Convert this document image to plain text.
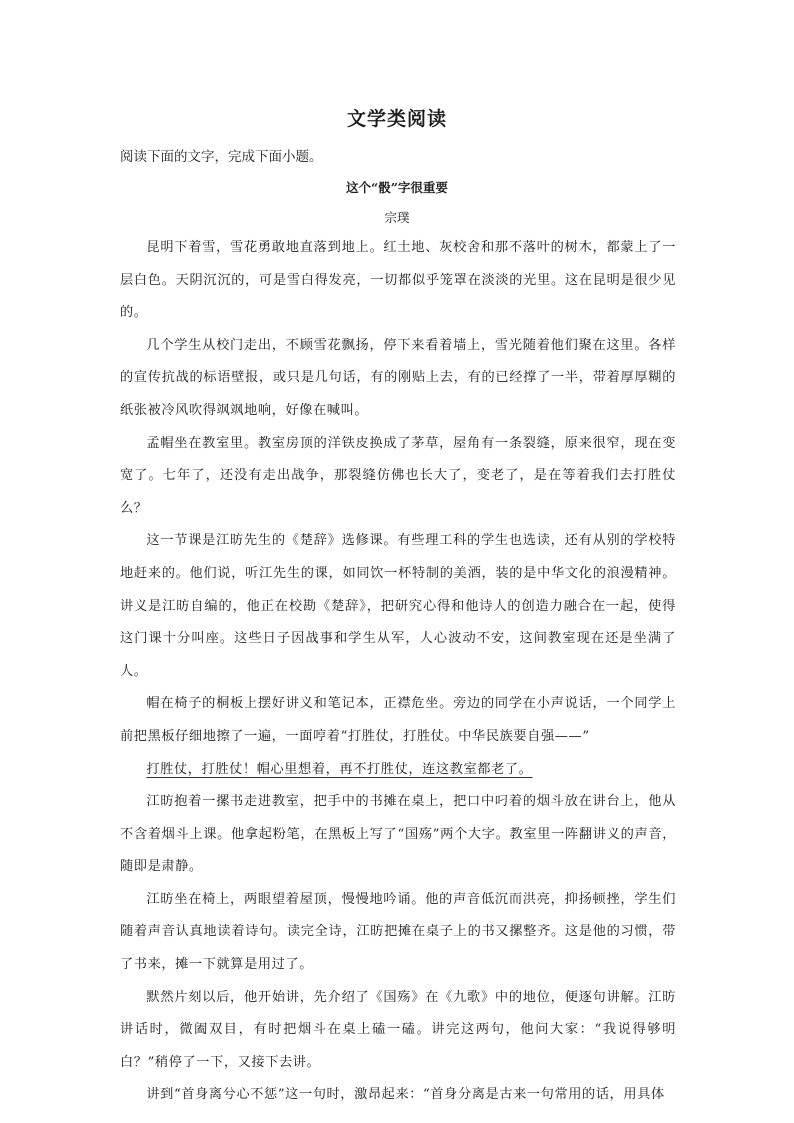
文学类阅读
阅读下面的文字，完成下面小题。
这个“骰”字很重要
宗璞

昆明下着雪，雪花勇敢地直落到地上。红土地、灰校舍和那不落叶的树木，都蒙上了一层白色。天阴沉沉的，可是雪白得发亮，一切都似乎笼罩在淡淡的光里。这在昆明是很少见的。

几个学生从校门走出，不顾雪花飘扬，停下来看着墙上，雪光随着他们聚在这里。各样的宣传抗战的标语壁报，或只是几句话，有的刚贴上去，有的已经撑了一半，带着厚厚糊的纸张被冷风吹得飒飒地响，好像在喊叫。

孟帽坐在教室里。教室房顶的洋铁皮换成了茅草，屋角有一条裂缝，原来很窄，现在变宽了。七年了，还没有走出战争，那裂缝仿佛也长大了，变老了，是在等着我们去打胜仗么？

这一节课是江昉先生的《楚辞》选修课。有些理工科的学生也选读，还有从别的学校特地赶来的。他们说，听江先生的课，如同饮一杯特制的美酒，装的是中华文化的浪漫精神。讲义是江昉自编的，他正在校勘《楚辞》，把研究心得和他诗人的创造力融合在一起，使得这门课十分叫座。这些日子因战事和学生从军，人心波动不安，这间教室现在还是坐满了人。

帽在椅子的桐板上摆好讲义和笔记本，正襟危坐。旁边的同学在小声说话，一个同学上前把黑板仔细地擦了一遍，一面哼着“打胜仗，打胜仗。中华民族要自强——”

打胜仗，打胜仗！帽心里想着，再不打胜仗，连这教室都老了。

江昉抱着一摞书走进教室，把手中的书摊在桌上，把口中叼着的烟斗放在讲台上，他从不含着烟斗上课。他拿起粉笔，在黑板上写了“国殇”两个大字。教室里一阵翻讲义的声音，随即是肃静。

江昉坐在椅上，两眼望着屋顶，慢慢地吟诵。他的声音低沉而洪亮，抑扬顿挫，学生们随着声音认真地读着诗句。读完全诗，江昉把摊在桌子上的书又摞整齐。这是他的习惯，带了书来，摊一下就算是用过了。

默然片刻以后，他开始讲，先介绍了《国殇》在《九歌》中的地位，便逐句讲解。江昉讲话时，微阖双目，有时把烟斗在桌上磕一磕。讲完这两句，他问大家：“我说得够明白？”稍停了一下，又接下去讲。

讲到“首身离兮心不惩”这一句时，激昂起来：“首身分离是古来一句常用的话，用具体
